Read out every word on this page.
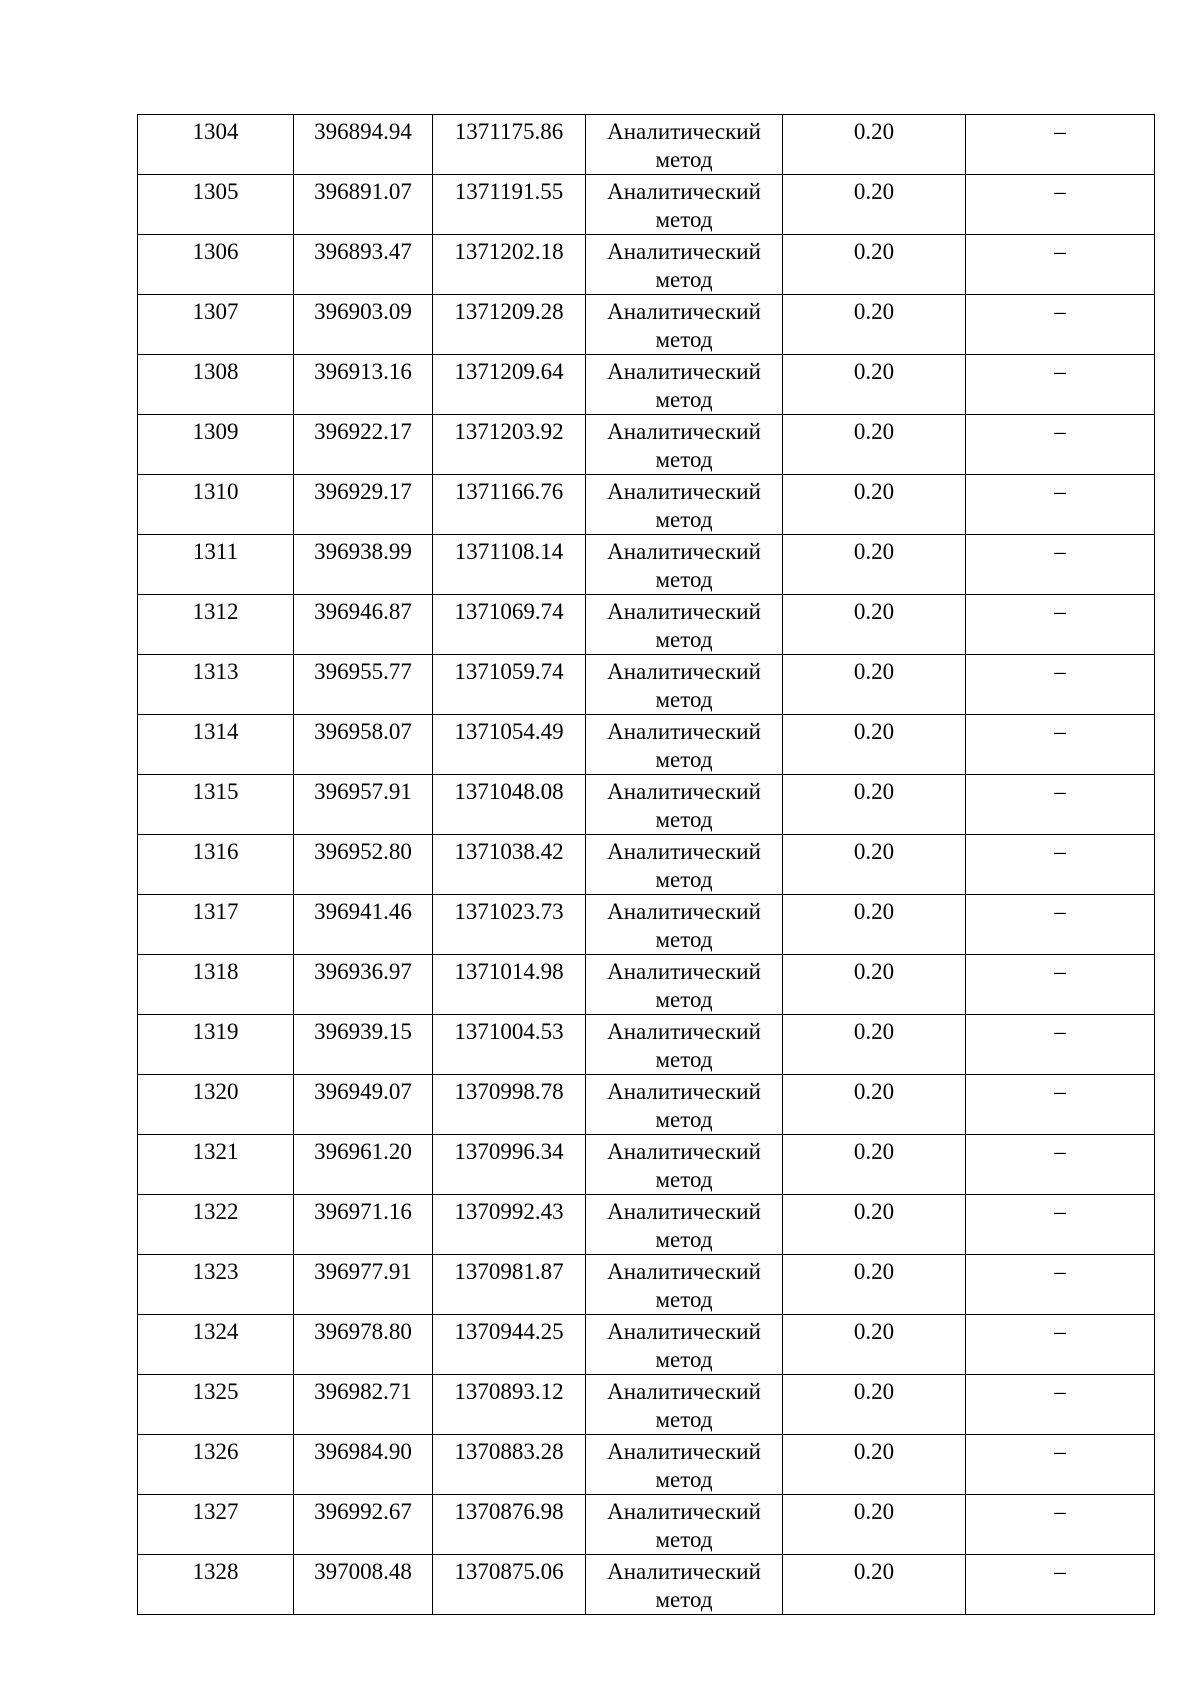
1304	396894.94	1371175.86	Аналитический метод	0.20	–

1305	396891.07	1371191.55	Аналитический метод	0.20	–

1306	396893.47	1371202.18	Аналитический метод	0.20	–

1307	396903.09	1371209.28	Аналитический метод	0.20	–

1308	396913.16	1371209.64	Аналитический метод	0.20	–

1309	396922.17	1371203.92	Аналитический метод	0.20	–

1310	396929.17	1371166.76	Аналитический метод	0.20	–

1311	396938.99	1371108.14	Аналитический метод	0.20	–

1312	396946.87	1371069.74	Аналитический метод	0.20	–

1313	396955.77	1371059.74	Аналитический метод	0.20	–

1314	396958.07	1371054.49	Аналитический метод	0.20	–

1315	396957.91	1371048.08	Аналитический метод	0.20	–

1316	396952.80	1371038.42	Аналитический метод	0.20	–

1317	396941.46	1371023.73	Аналитический метод	0.20	–

1318	396936.97	1371014.98	Аналитический метод	0.20	–

1319	396939.15	1371004.53	Аналитический метод	0.20	–

1320	396949.07	1370998.78	Аналитический метод	0.20	–

1321	396961.20	1370996.34	Аналитический метод	0.20	–

1322	396971.16	1370992.43	Аналитический метод	0.20	–

1323	396977.91	1370981.87	Аналитический метод	0.20	–

1324	396978.80	1370944.25	Аналитический метод	0.20	–

1325	396982.71	1370893.12	Аналитический метод	0.20	–

1326	396984.90	1370883.28	Аналитический метод	0.20	–

1327	396992.67	1370876.98	Аналитический метод	0.20	–

1328	397008.48	1370875.06	Аналитический метод	0.20	–
